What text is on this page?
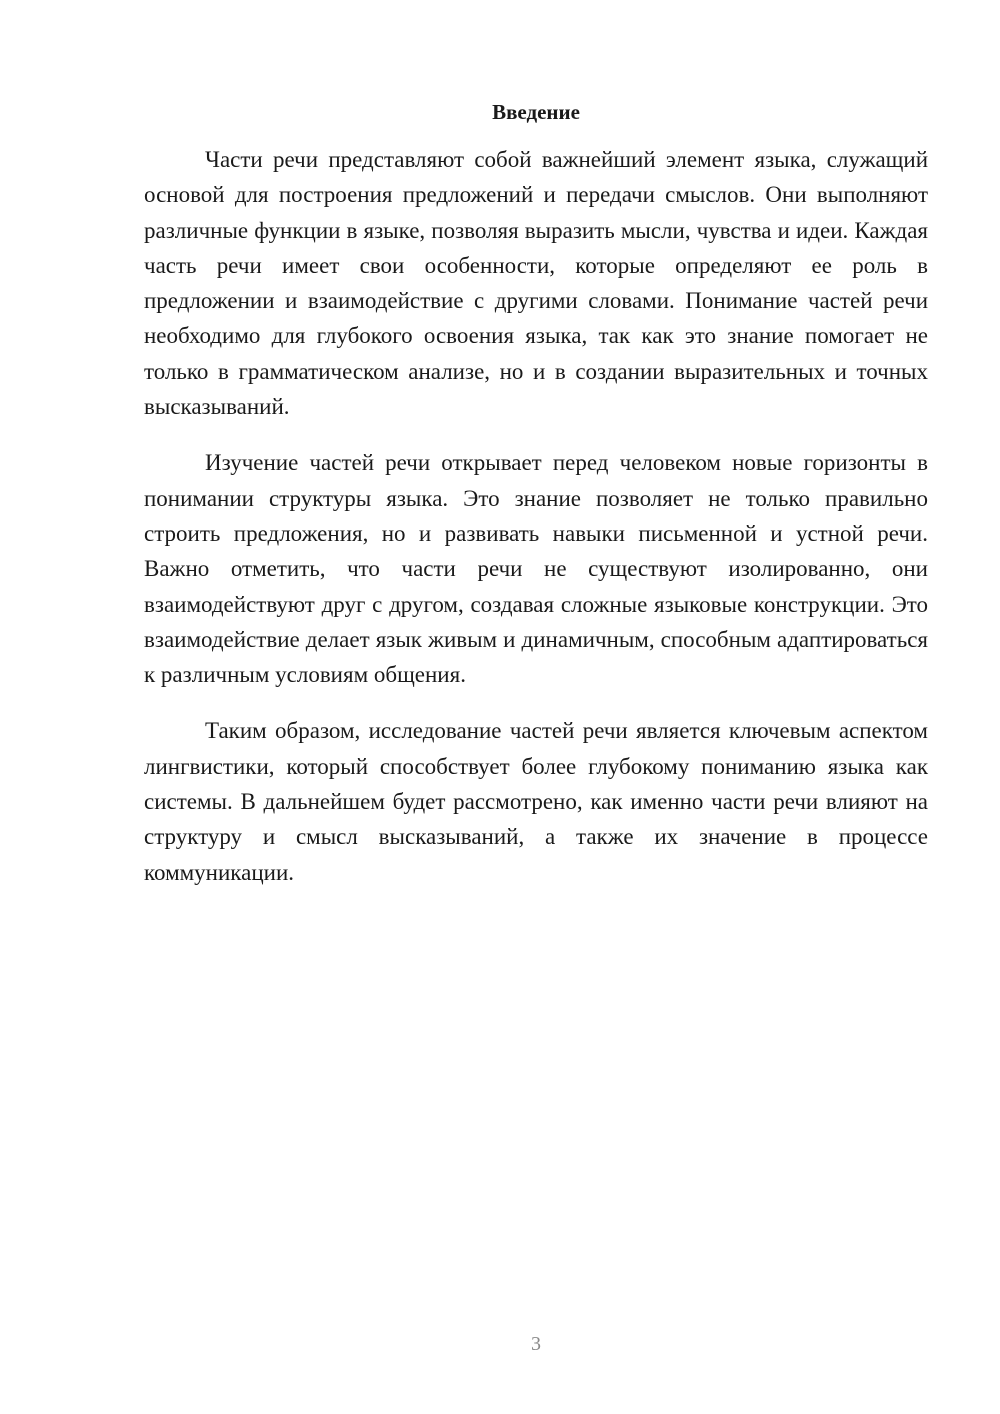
Введение

Части речи представляют собой важнейший элемент языка, служащий основой для построения предложений и передачи смыслов. Они выполняют различные функции в языке, позволяя выразить мысли, чувства и идеи. Каждая часть речи имеет свои особенности, которые определяют ее роль в предложении и взаимодействие с другими словами. Понимание частей речи необходимо для глубокого освоения языка, так как это знание помогает не только в грамматическом анализе, но и в создании выразительных и точных высказываний.

Изучение частей речи открывает перед человеком новые горизонты в понимании структуры языка. Это знание позволяет не только правильно строить предложения, но и развивать навыки письменной и устной речи. Важно отметить, что части речи не существуют изолированно, они взаимодействуют друг с другом, создавая сложные языковые конструкции. Это взаимодействие делает язык живым и динамичным, способным адаптироваться к различным условиям общения.

Таким образом, исследование частей речи является ключевым аспектом лингвистики, который способствует более глубокому пониманию языка как системы. В дальнейшем будет рассмотрено, как именно части речи влияют на структуру и смысл высказываний, а также их значение в процессе коммуникации.

3
